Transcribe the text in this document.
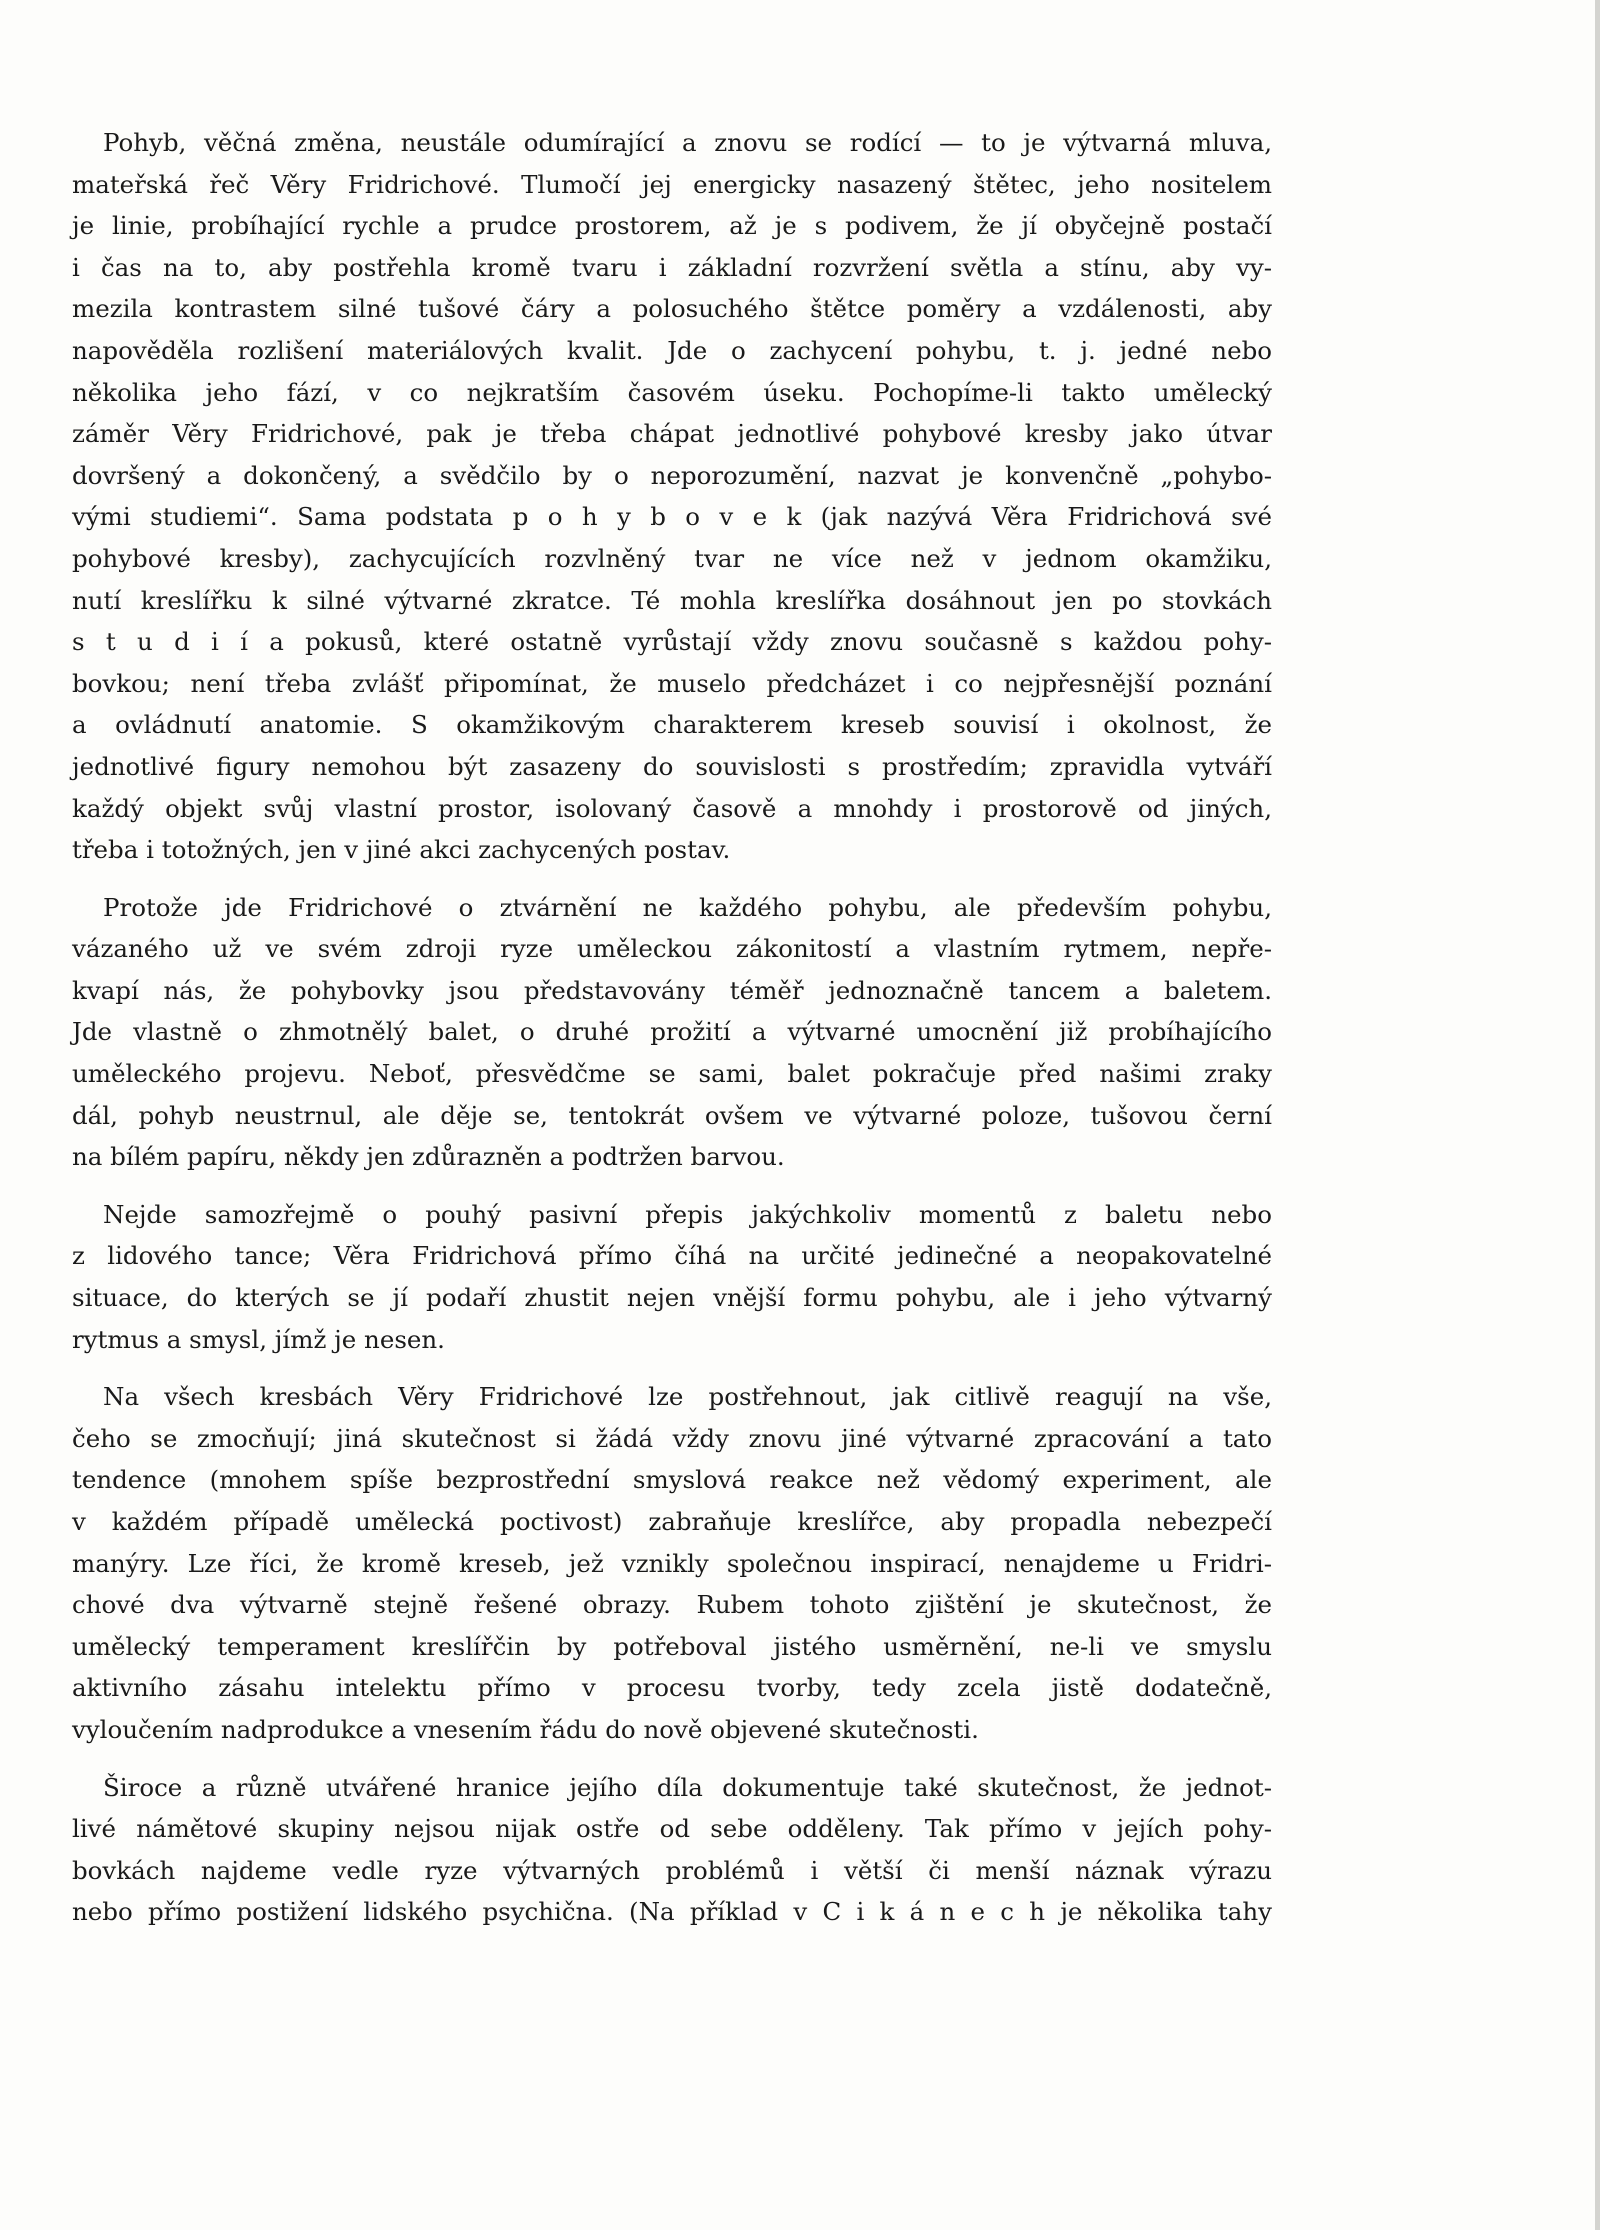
Pohyb, věčná změna, neustále odumírající a znovu se rodící — to je výtvarná mluva,
mateřská řeč Věry Fridrichové. Tlumočí jej energicky nasazený štětec, jeho nositelem
je linie, probíhající rychle a prudce prostorem, až je s podivem, že jí obyčejně postačí
i čas na to, aby postřehla kromě tvaru i základní rozvržení světla a stínu, aby vy-
mezila kontrastem silné tušové čáry a polosuchého štětce poměry a vzdálenosti, aby
napověděla rozlišení materiálových kvalit. Jde o zachycení pohybu, t. j. jedné nebo
několika jeho fází, v co nejkratším časovém úseku. Pochopíme-li takto umělecký
záměr Věry Fridrichové, pak je třeba chápat jednotlivé pohybové kresby jako útvar
dovršený a dokončený, a svědčilo by o neporozumění, nazvat je konvenčně „pohybo-
vými studiemi“. Sama podstata p o h y b o v e k (jak nazývá Věra Fridrichová své
pohybové kresby), zachycujících rozvlněný tvar ne více než v jednom okamžiku,
nutí kreslířku k silné výtvarné zkratce. Té mohla kreslířka dosáhnout jen po stovkách
s t u d i í a pokusů, které ostatně vyrůstají vždy znovu současně s každou pohy-
bovkou; není třeba zvlášť připomínat, že muselo předcházet i co nejpřesnější poznání
a ovládnutí anatomie. S okamžikovým charakterem kreseb souvisí i okolnost, že
jednotlivé figury nemohou být zasazeny do souvislosti s prostředím; zpravidla vytváří
každý objekt svůj vlastní prostor, isolovaný časově a mnohdy i prostorově od jiných,
třeba i totožných, jen v jiné akci zachycených postav.
Protože jde Fridrichové o ztvárnění ne každého pohybu, ale především pohybu,
vázaného už ve svém zdroji ryze uměleckou zákonitostí a vlastním rytmem, nepře-
kvapí nás, že pohybovky jsou představovány téměř jednoznačně tancem a baletem.
Jde vlastně o zhmotnělý balet, o druhé prožití a výtvarné umocnění již probíhajícího
uměleckého projevu. Neboť, přesvědčme se sami, balet pokračuje před našimi zraky
dál, pohyb neustrnul, ale děje se, tentokrát ovšem ve výtvarné poloze, tušovou černí
na bílém papíru, někdy jen zdůrazněn a podtržen barvou.
Nejde samozřejmě o pouhý pasivní přepis jakýchkoliv momentů z baletu nebo
z lidového tance; Věra Fridrichová přímo číhá na určité jedinečné a neopakovatelné
situace, do kterých se jí podaří zhustit nejen vnější formu pohybu, ale i jeho výtvarný
rytmus a smysl, jímž je nesen.
Na všech kresbách Věry Fridrichové lze postřehnout, jak citlivě reagují na vše,
čeho se zmocňují; jiná skutečnost si žádá vždy znovu jiné výtvarné zpracování a tato
tendence (mnohem spíše bezprostřední smyslová reakce než vědomý experiment, ale
v každém případě umělecká poctivost) zabraňuje kreslířce, aby propadla nebezpečí
manýry. Lze říci, že kromě kreseb, jež vznikly společnou inspirací, nenajdeme u Fridri-
chové dva výtvarně stejně řešené obrazy. Rubem tohoto zjištění je skutečnost, že
umělecký temperament kreslířčin by potřeboval jistého usměrnění, ne-li ve smyslu
aktivního zásahu intelektu přímo v procesu tvorby, tedy zcela jistě dodatečně,
vyloučením nadprodukce a vnesením řádu do nově objevené skutečnosti.
Široce a různě utvářené hranice jejího díla dokumentuje také skutečnost, že jednot-
livé námětové skupiny nejsou nijak ostře od sebe odděleny. Tak přímo v jejích pohy-
bovkách najdeme vedle ryze výtvarných problémů i větší či menší náznak výrazu
nebo přímo postižení lidského psychična. (Na příklad v C i k á n e c h je několika tahy
